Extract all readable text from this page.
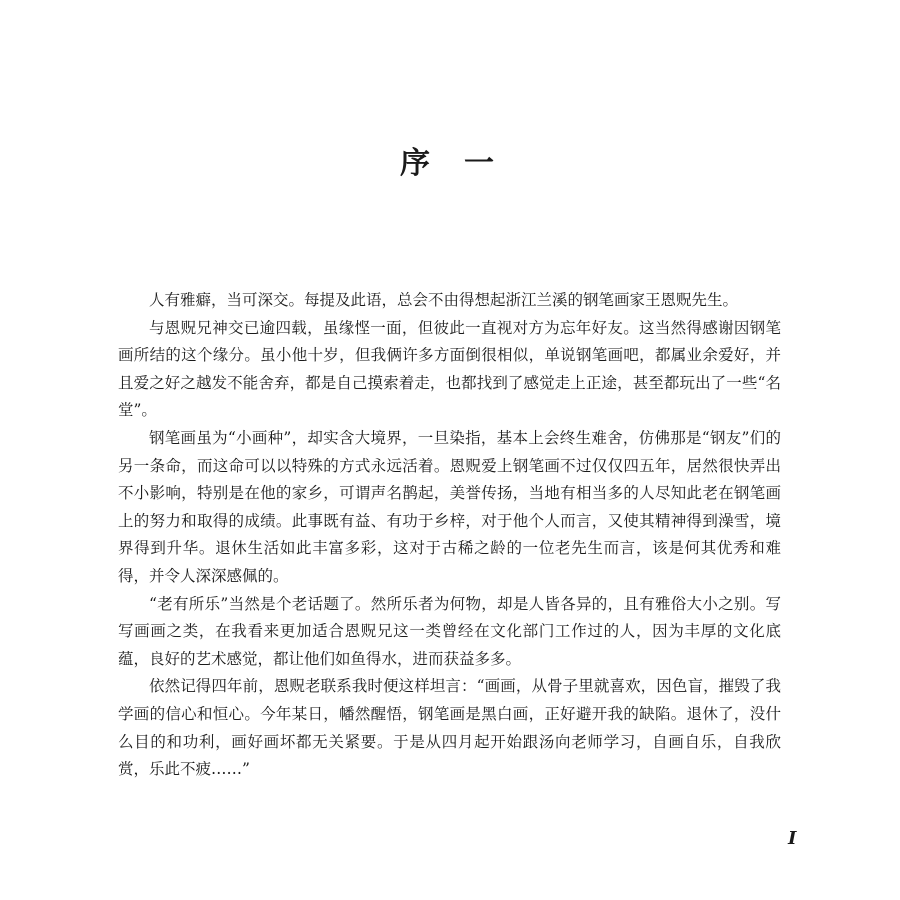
序 一

人有雅癖，当可深交。每提及此语，总会不由得想起浙江兰溪的钢笔画家王恩贶先生。

与恩贶兄神交已逾四载，虽缘悭一面，但彼此一直视对方为忘年好友。这当然得感谢因钢笔画所结的这个缘分。虽小他十岁，但我俩许多方面倒很相似，单说钢笔画吧，都属业余爱好，并且爱之好之越发不能舍弃，都是自己摸索着走，也都找到了感觉走上正途，甚至都玩出了一些“名堂”。

钢笔画虽为“小画种”，却实含大境界，一旦染指，基本上会终生难舍，仿佛那是“钢友”们的另一条命，而这命可以以特殊的方式永远活着。恩贶爱上钢笔画不过仅仅四五年，居然很快弄出不小影响，特别是在他的家乡，可谓声名鹊起，美誉传扬，当地有相当多的人尽知此老在钢笔画上的努力和取得的成绩。此事既有益、有功于乡梓，对于他个人而言，又使其精神得到澡雪，境界得到升华。退休生活如此丰富多彩，这对于古稀之龄的一位老先生而言，该是何其优秀和难得，并令人深深感佩的。

“老有所乐”当然是个老话题了。然所乐者为何物，却是人皆各异的，且有雅俗大小之别。写写画画之类，在我看来更加适合恩贶兄这一类曾经在文化部门工作过的人，因为丰厚的文化底蕴，良好的艺术感觉，都让他们如鱼得水，进而获益多多。

依然记得四年前，恩贶老联系我时便这样坦言：“画画，从骨子里就喜欢，因色盲，摧毁了我学画的信心和恒心。今年某日，幡然醒悟，钢笔画是黑白画，正好避开我的缺陷。退休了，没什么目的和功利，画好画坏都无关紧要。于是从四月起开始跟汤向老师学习，自画自乐，自我欣赏，乐此不疲……”

I
